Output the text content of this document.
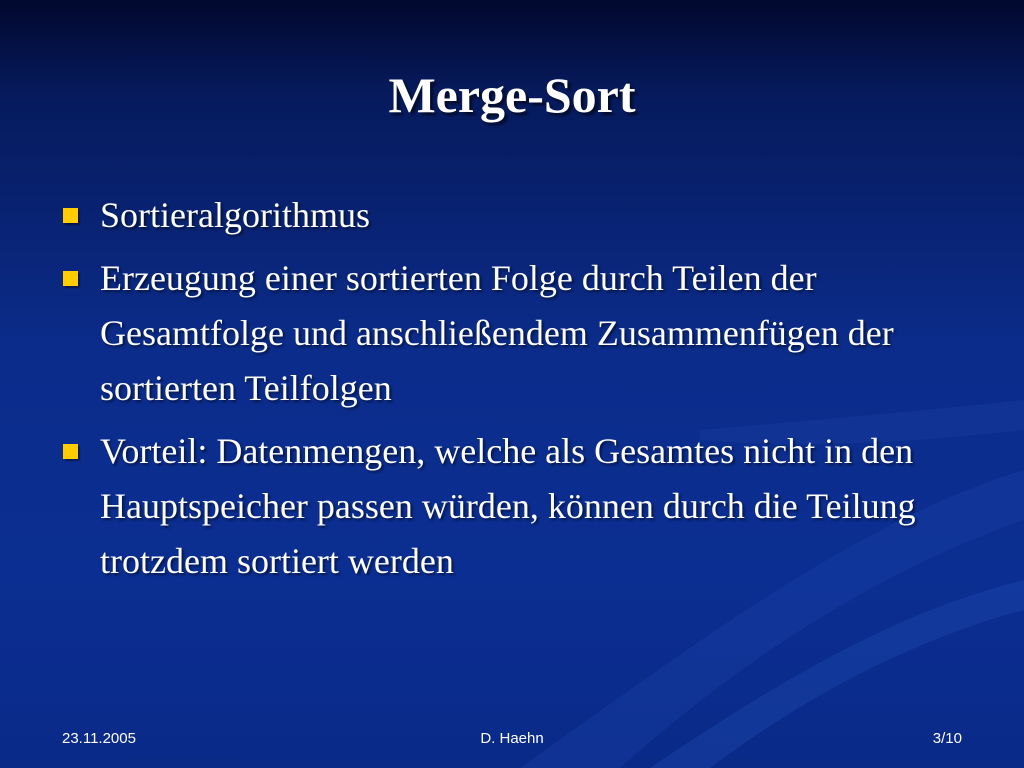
Merge-Sort
Sortieralgorithmus
Erzeugung einer sortierten Folge durch Teilen der Gesamtfolge und anschließendem Zusammenfügen der sortierten Teilfolgen
Vorteil: Datenmengen, welche als Gesamtes nicht in den Hauptspeicher passen würden, können durch die Teilung trotzdem sortiert werden
23.11.2005	D. Haehn	3/10
